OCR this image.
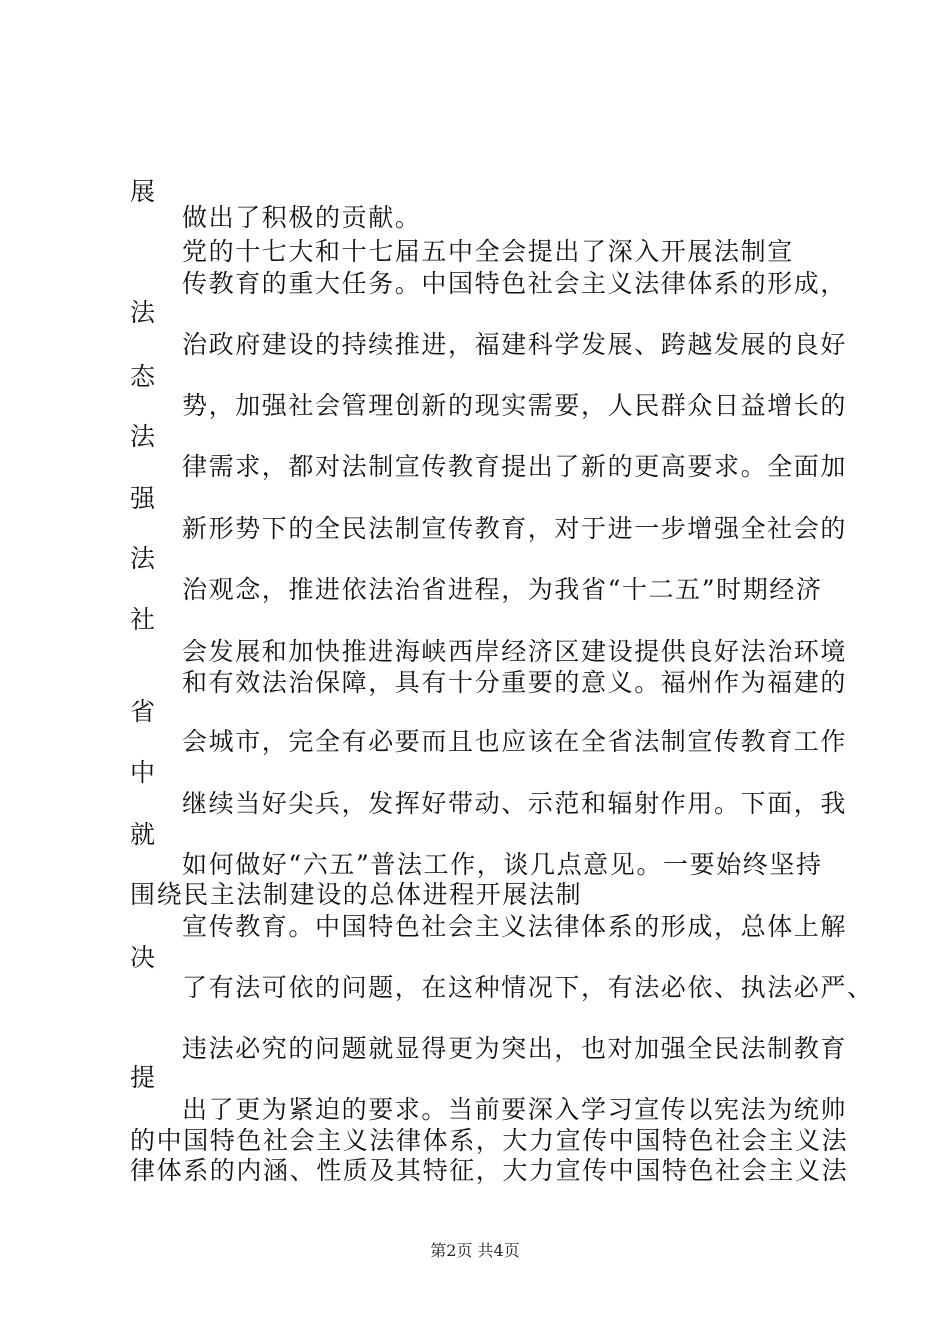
展
做出了积极的贡献。
党的十七大和十七届五中全会提出了深入开展法制宣
传教育的重大任务。中国特色社会主义法律体系的形成，
法
治政府建设的持续推进，福建科学发展、跨越发展的良好
态
势，加强社会管理创新的现实需要，人民群众日益增长的
法
律需求，都对法制宣传教育提出了新的更高要求。全面加
强
新形势下的全民法制宣传教育，对于进一步增强全社会的
法
治观念，推进依法治省进程，为我省“十二五”时期经济
社
会发展和加快推进海峡西岸经济区建设提供良好法治环境
和有效法治保障，具有十分重要的意义。福州作为福建的
省
会城市，完全有必要而且也应该在全省法制宣传教育工作
中
继续当好尖兵，发挥好带动、示范和辐射作用。下面，我
就
如何做好“六五”普法工作，谈几点意见。一要始终坚持
围绕民主法制建设的总体进程开展法制
宣传教育。中国特色社会主义法律体系的形成，总体上解
决
了有法可依的问题，在这种情况下，有法必依、执法必严、
违法必究的问题就显得更为突出，也对加强全民法制教育
提
出了更为紧迫的要求。当前要深入学习宣传以宪法为统帅
的中国特色社会主义法律体系，大力宣传中国特色社会主义法
律体系的内涵、性质及其特征，大力宣传中国特色社会主义法
第2页 共4页
